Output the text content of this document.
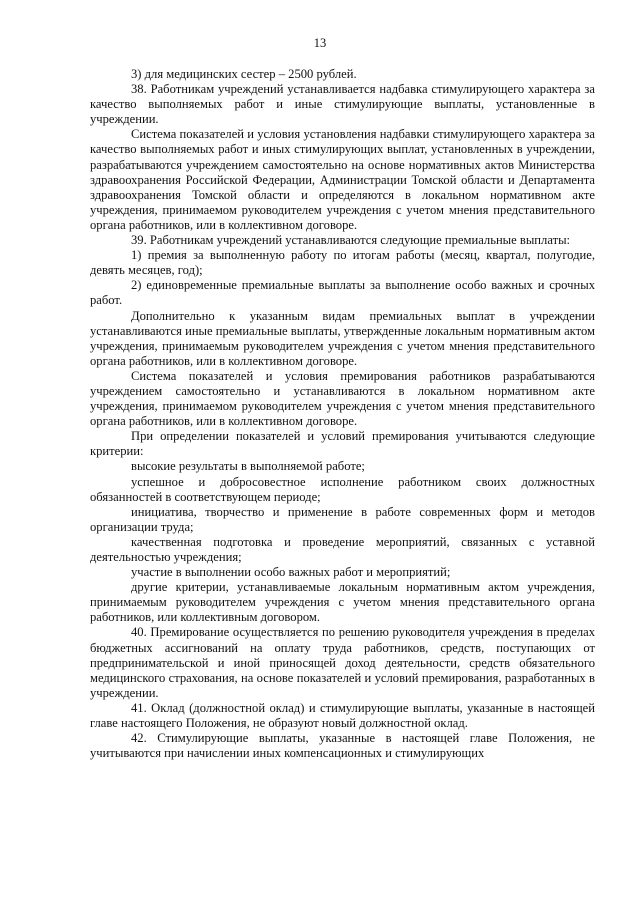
13

3) для медицинских сестер – 2500 рублей.

38. Работникам учреждений устанавливается надбавка стимулирующего характера за качество выполняемых работ и иные стимулирующие выплаты, установленные в учреждении.

Система показателей и условия установления надбавки стимулирующего характера за качество выполняемых работ и иных стимулирующих выплат, установленных в учреждении, разрабатываются учреждением самостоятельно на основе нормативных актов Министерства здравоохранения Российской Федерации, Администрации Томской области и Департамента здравоохранения Томской области и определяются в локальном нормативном акте учреждения, принимаемом руководителем учреждения с учетом мнения представительного органа работников, или в коллективном договоре.

39. Работникам учреждений устанавливаются следующие премиальные выплаты:

1) премия за выполненную работу по итогам работы (месяц, квартал, полугодие, девять месяцев, год);

2) единовременные премиальные выплаты за выполнение особо важных и срочных работ.

Дополнительно к указанным видам премиальных выплат в учреждении устанавливаются иные премиальные выплаты, утвержденные локальным нормативным актом учреждения, принимаемым руководителем учреждения с учетом мнения представительного органа работников, или в коллективном договоре.

Система показателей и условия премирования работников разрабатываются учреждением самостоятельно и устанавливаются в локальном нормативном акте учреждения, принимаемом руководителем учреждения с учетом мнения представительного органа работников, или в коллективном договоре.

При определении показателей и условий премирования учитываются следующие критерии:

высокие результаты в выполняемой работе;

успешное и добросовестное исполнение работником своих должностных обязанностей в соответствующем периоде;

инициатива, творчество и применение в работе современных форм и методов организации труда;

качественная подготовка и проведение мероприятий, связанных с уставной деятельностью учреждения;

участие в выполнении особо важных работ и мероприятий;

другие критерии, устанавливаемые локальным нормативным актом учреждения, принимаемым руководителем учреждения с учетом мнения представительного органа работников, или коллективным договором.

40. Премирование осуществляется по решению руководителя учреждения в пределах бюджетных ассигнований на оплату труда работников, средств, поступающих от предпринимательской и иной приносящей доход деятельности, средств обязательного медицинского страхования, на основе показателей и условий премирования, разработанных в учреждении.

41. Оклад (должностной оклад) и стимулирующие выплаты, указанные в настоящей главе настоящего Положения, не образуют новый должностной оклад.

42. Стимулирующие выплаты, указанные в настоящей главе Положения, не учитываются при начислении иных компенсационных и стимулирующих
